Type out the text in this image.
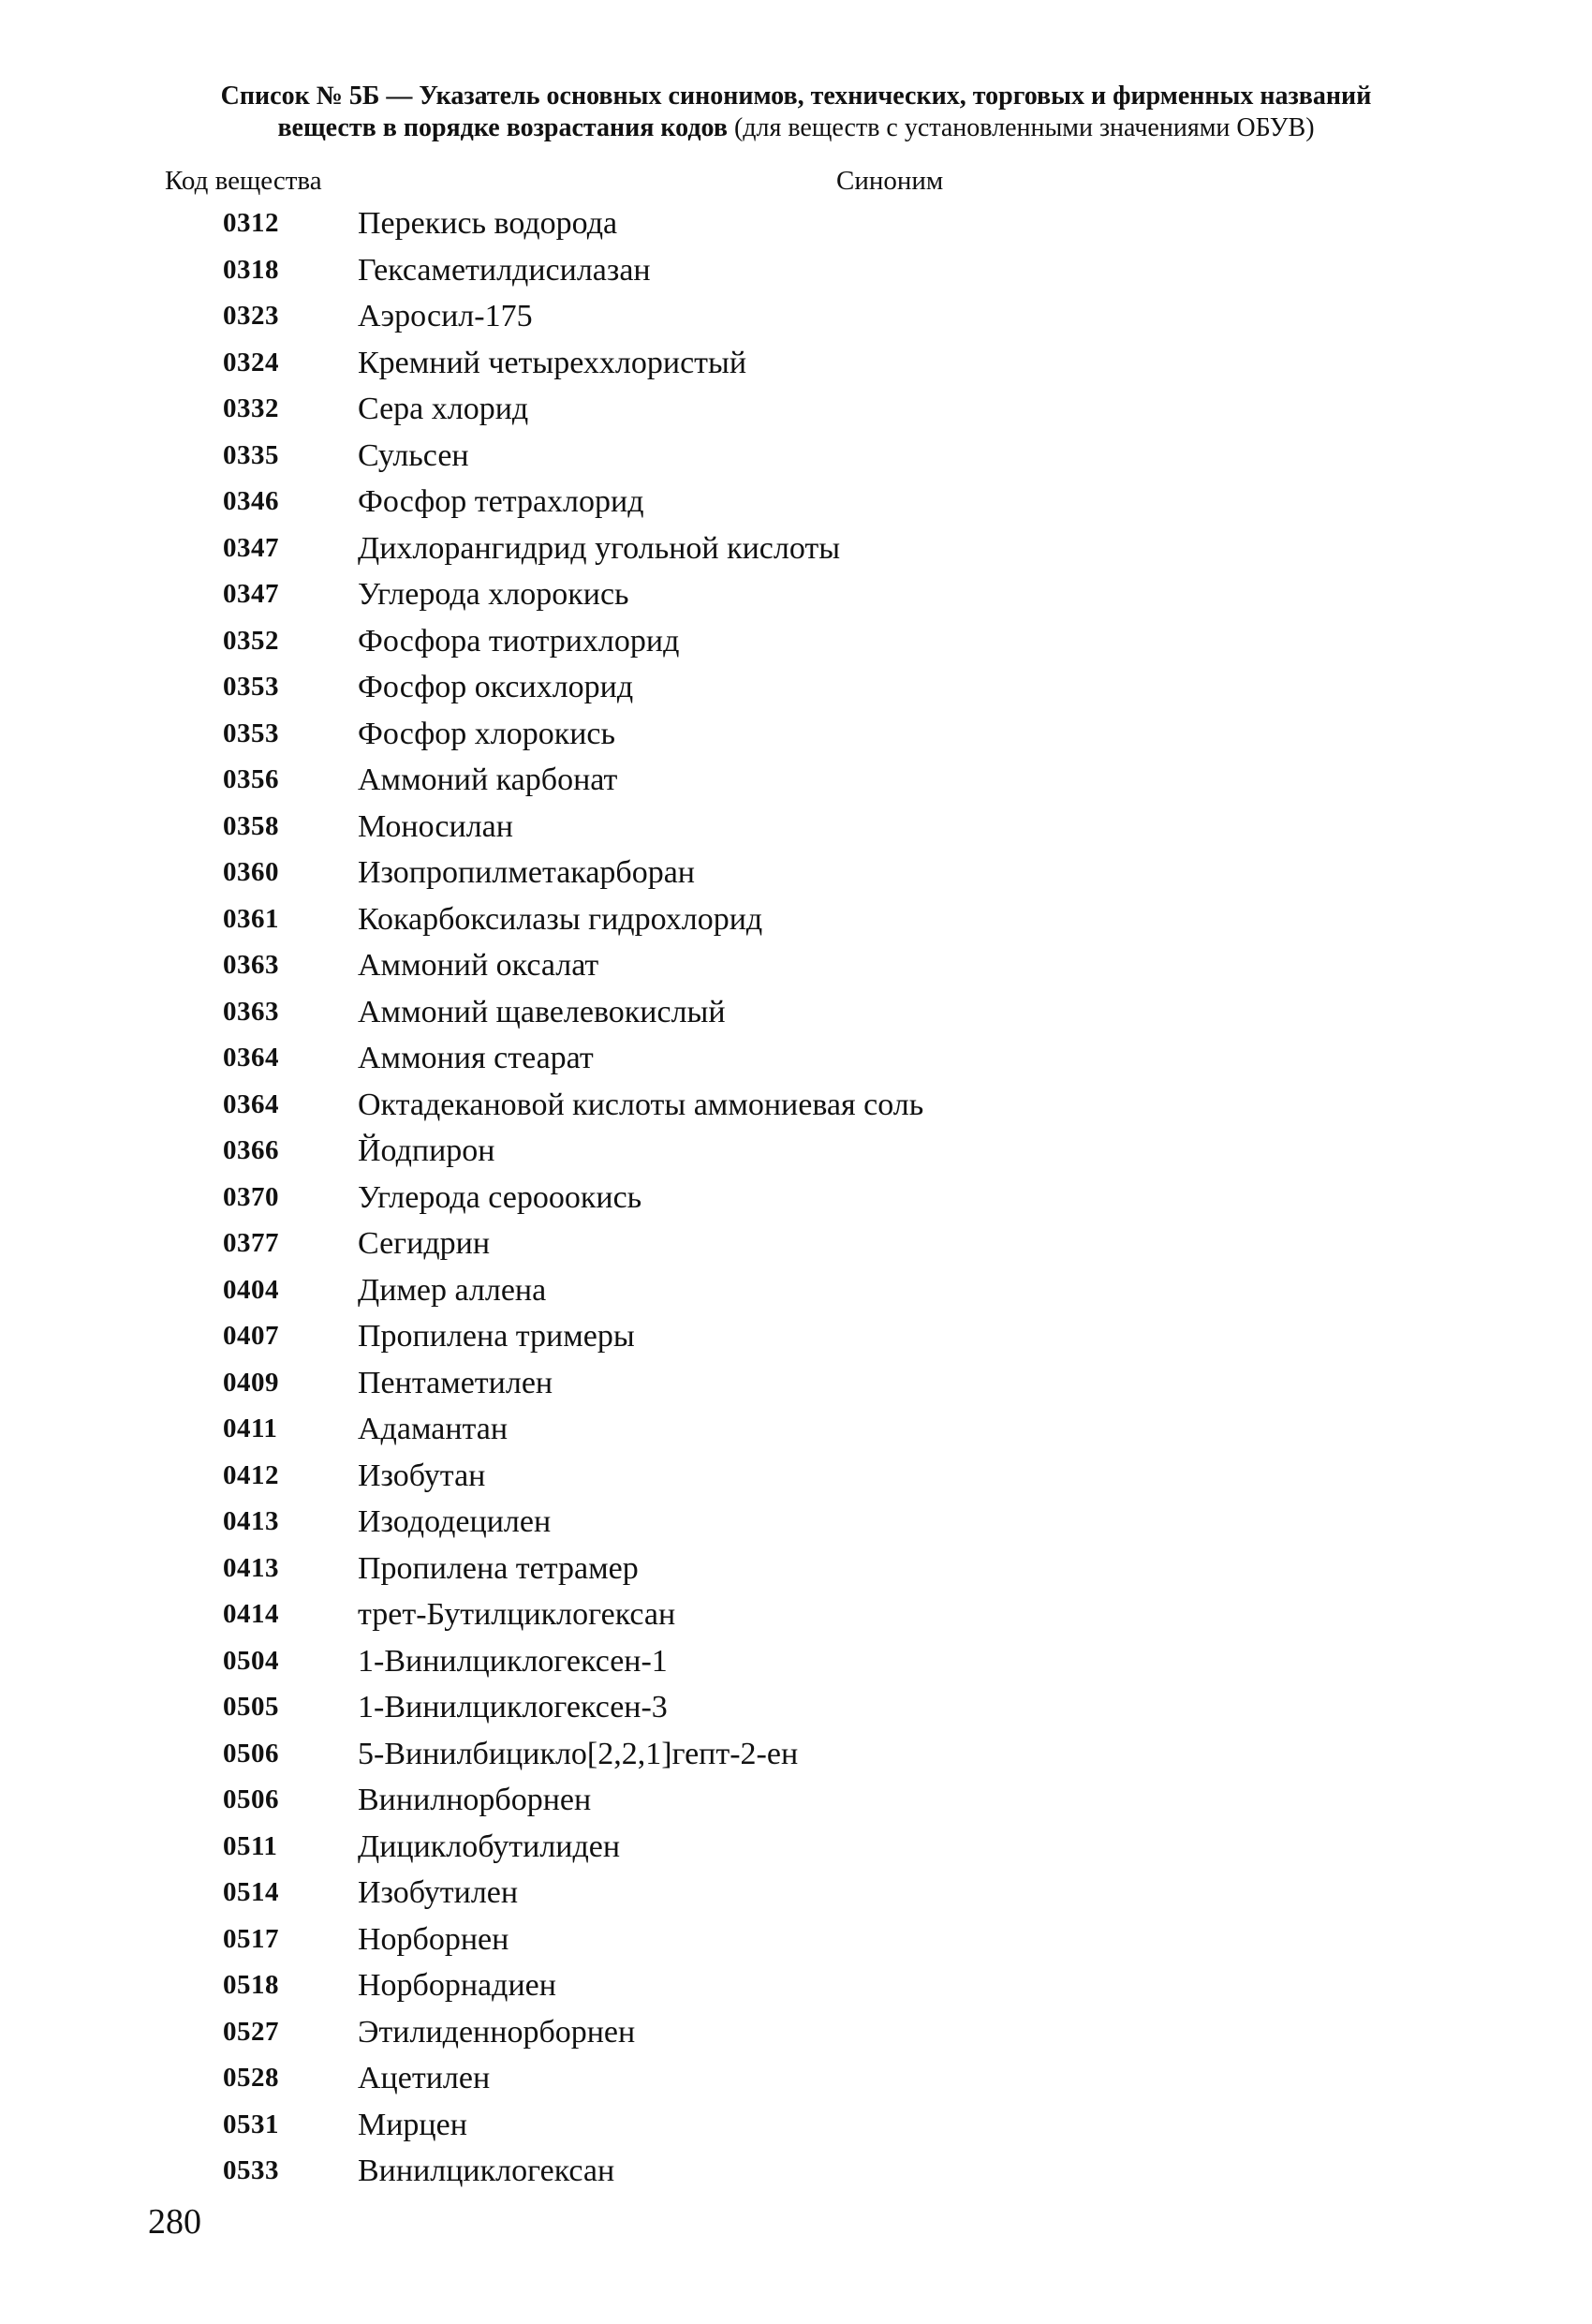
Список № 5Б — Указатель основных синонимов, технических, торговых и фирменных названий веществ в порядке возрастания кодов (для веществ с установленными значениями ОБУВ)
Код вещества	Синоним
0312 Перекись водорода
0318 Гексаметилдисилазан
0323 Аэросил-175
0324 Кремний четыреххлористый
0332 Сера хлорид
0335 Сульсен
0346 Фосфор тетрахлорид
0347 Дихлорангидрид угольной кислоты
0347 Углерода хлорокись
0352 Фосфора тиотрихлорид
0353 Фосфор оксихлорид
0353 Фосфор хлорокись
0356 Аммоний карбонат
0358 Моносилан
0360 Изопропилметакарборан
0361 Кокарбоксилазы гидрохлорид
0363 Аммоний оксалат
0363 Аммоний щавелевокислый
0364 Аммония стеарат
0364 Октадекановой кислоты аммониевая соль
0366 Йодпирон
0370 Углерода серооокись
0377 Сегидрин
0404 Димер аллена
0407 Пропилена тримеры
0409 Пентаметилен
0411	Адамантан
0412 Изобутан
0413 Изододецилен
0413 Пропилена тетрамер
0414 трет-Бутилциклогексан
0504 1-Винилциклогексен-1
0505 1-Винилциклогексен-3
0506 5-Винилбицикло[2,2,1]гепт-2-ен
0506 Винилнорборнен
0511	Дициклобутилиден
0514 Изобутилен
0517 Норборнен
0518 Норборнадиен
0527 Этилиденнорборнен
0528 Ацетилен
0531 Мирцен
0533 Винилциклогексан
280
